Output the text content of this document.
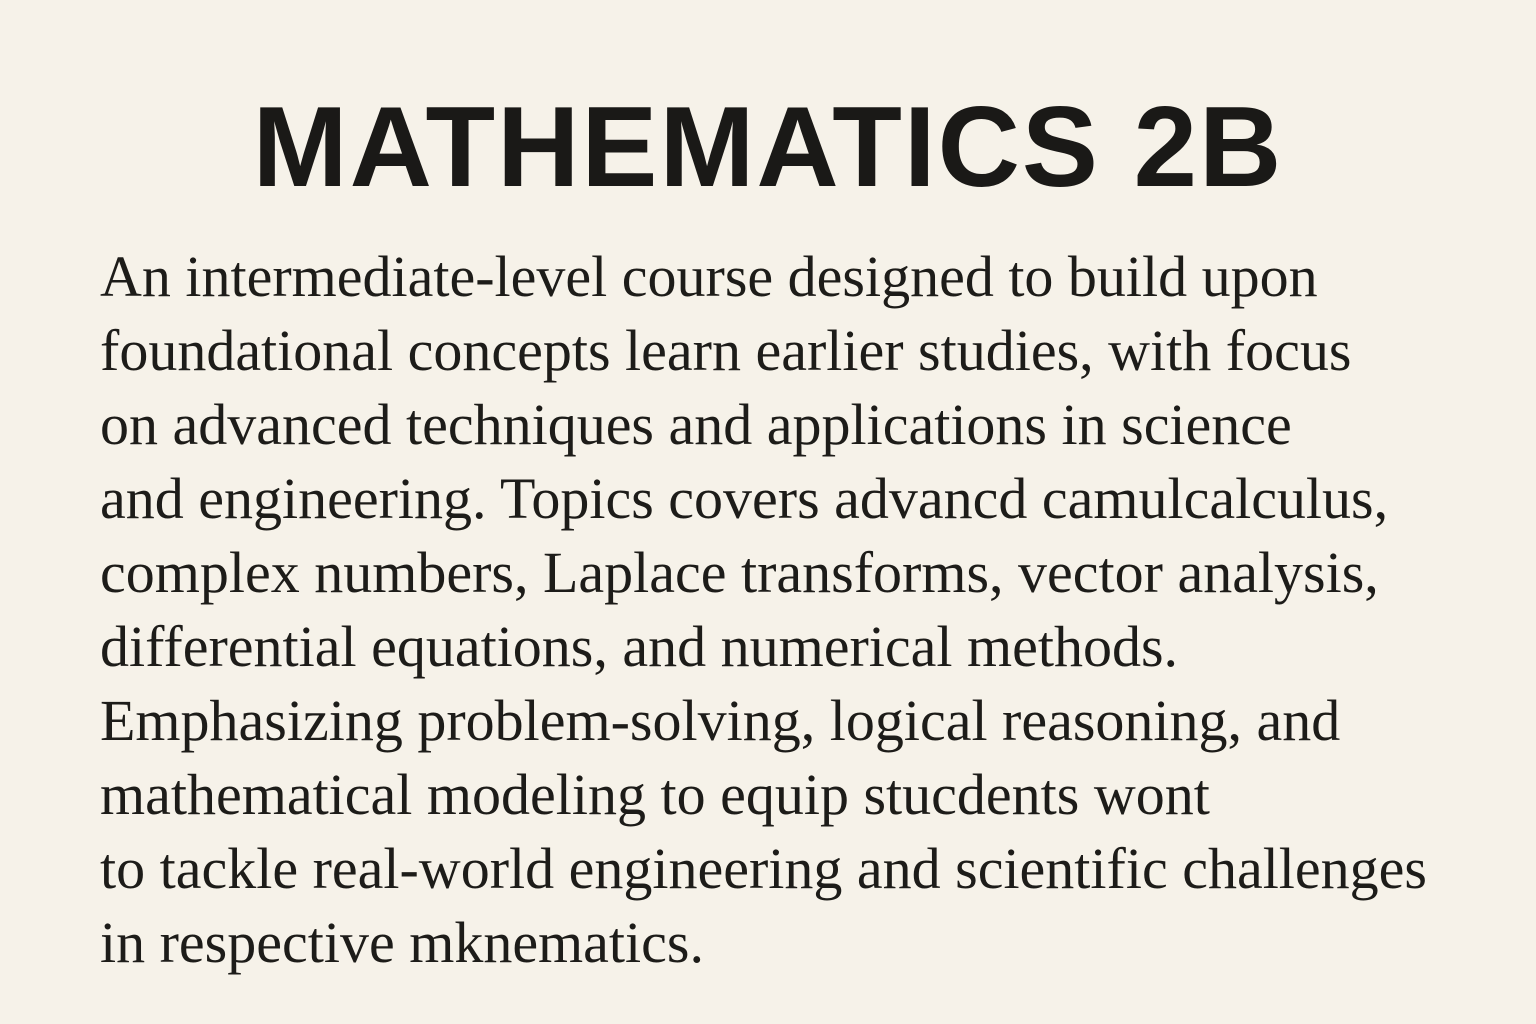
MATHEMATICS 2B
An intermediate-level course designed to build upon
foundational concepts learn earlier studies, with focus
on advanced techniques and applications in science
and engineering. Topics covers advancd camulcalculus,
complex numbers, Laplace transforms, vector analysis,
differential equations, and numerical methods.
Emphasizing problem-solving, logical reasoning, and
mathematical modeling to equip stucdents wont
to tackle real-world engineering and scientific challenges
in respective mknematics.
